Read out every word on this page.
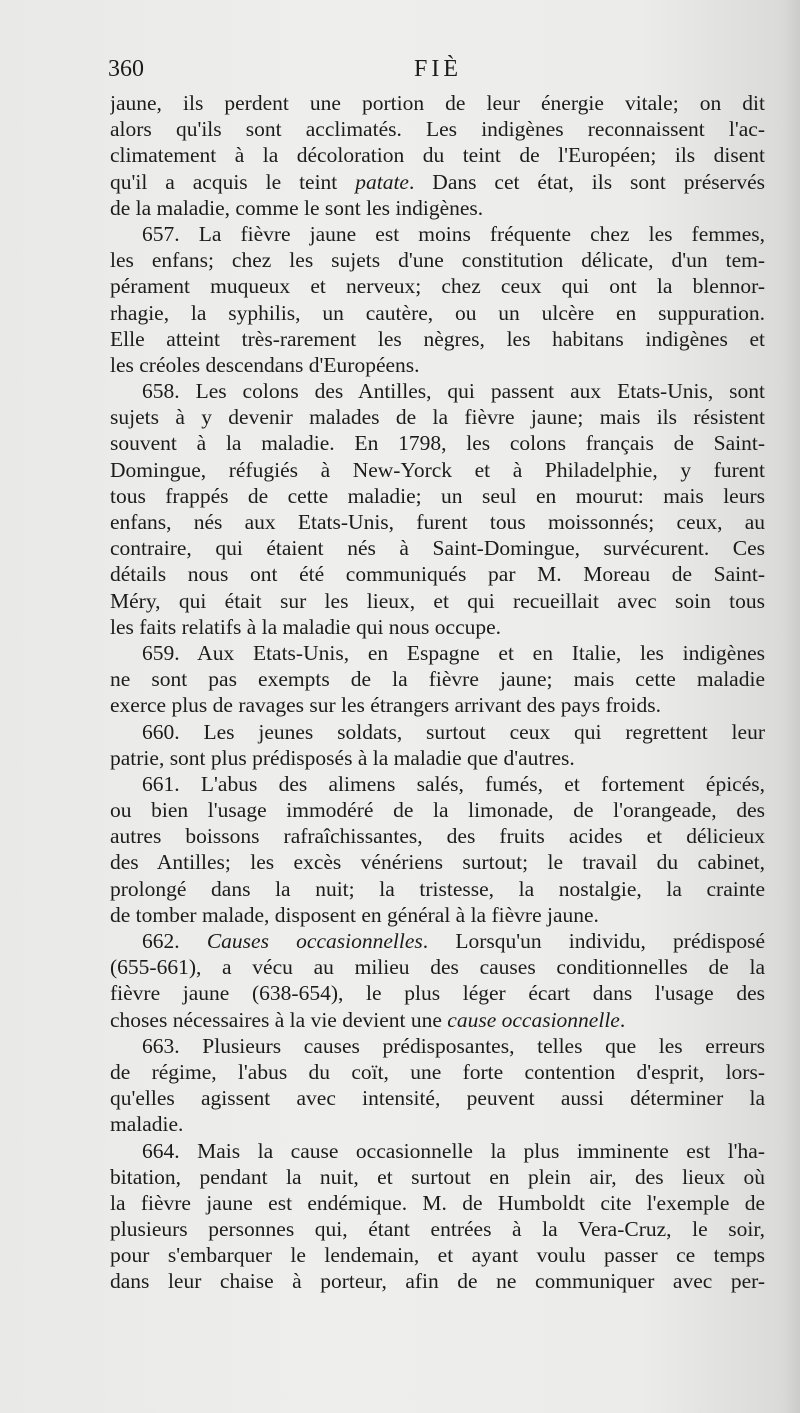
360	FIÈ
jaune, ils perdent une portion de leur énergie vitale; on dit
alors qu'ils sont acclimatés. Les indigènes reconnaissent l'ac-
climatement à la décoloration du teint de l'Européen; ils disent
qu'il a acquis le teint patate. Dans cet état, ils sont préservés
de la maladie, comme le sont les indigènes.
657. La fièvre jaune est moins fréquente chez les femmes,
les enfans; chez les sujets d'une constitution délicate, d'un tem-
pérament muqueux et nerveux; chez ceux qui ont la blennor-
rhagie, la syphilis, un cautère, ou un ulcère en suppuration.
Elle atteint très-rarement les nègres, les habitans indigènes et
les créoles descendans d'Européens.
658. Les colons des Antilles, qui passent aux Etats-Unis, sont
sujets à y devenir malades de la fièvre jaune; mais ils résistent
souvent à la maladie. En 1798, les colons français de Saint-
Domingue, réfugiés à New-Yorck et à Philadelphie, y furent
tous frappés de cette maladie; un seul en mourut: mais leurs
enfans, nés aux Etats-Unis, furent tous moissonnés; ceux, au
contraire, qui étaient nés à Saint-Domingue, survécurent. Ces
détails nous ont été communiqués par M. Moreau de Saint-
Méry, qui était sur les lieux, et qui recueillait avec soin tous
les faits relatifs à la maladie qui nous occupe.
659. Aux Etats-Unis, en Espagne et en Italie, les indigènes
ne sont pas exempts de la fièvre jaune; mais cette maladie
exerce plus de ravages sur les étrangers arrivant des pays froids.
660. Les jeunes soldats, surtout ceux qui regrettent leur
patrie, sont plus prédisposés à la maladie que d'autres.
661. L'abus des alimens salés, fumés, et fortement épicés,
ou bien l'usage immodéré de la limonade, de l'orangeade, des
autres boissons rafraîchissantes, des fruits acides et délicieux
des Antilles; les excès vénériens surtout; le travail du cabinet,
prolongé dans la nuit; la tristesse, la nostalgie, la crainte
de tomber malade, disposent en général à la fièvre jaune.
662. Causes occasionnelles. Lorsqu'un individu, prédisposé
(655-661), a vécu au milieu des causes conditionnelles de la
fièvre jaune (638-654), le plus léger écart dans l'usage des
choses nécessaires à la vie devient une cause occasionnelle.
663. Plusieurs causes prédisposantes, telles que les erreurs
de régime, l'abus du coït, une forte contention d'esprit, lors-
qu'elles agissent avec intensité, peuvent aussi déterminer la
maladie.
664. Mais la cause occasionnelle la plus imminente est l'ha-
bitation, pendant la nuit, et surtout en plein air, des lieux où
la fièvre jaune est endémique. M. de Humboldt cite l'exemple de
plusieurs personnes qui, étant entrées à la Vera-Cruz, le soir,
pour s'embarquer le lendemain, et ayant voulu passer ce temps
dans leur chaise à porteur, afin de ne communiquer avec per-
